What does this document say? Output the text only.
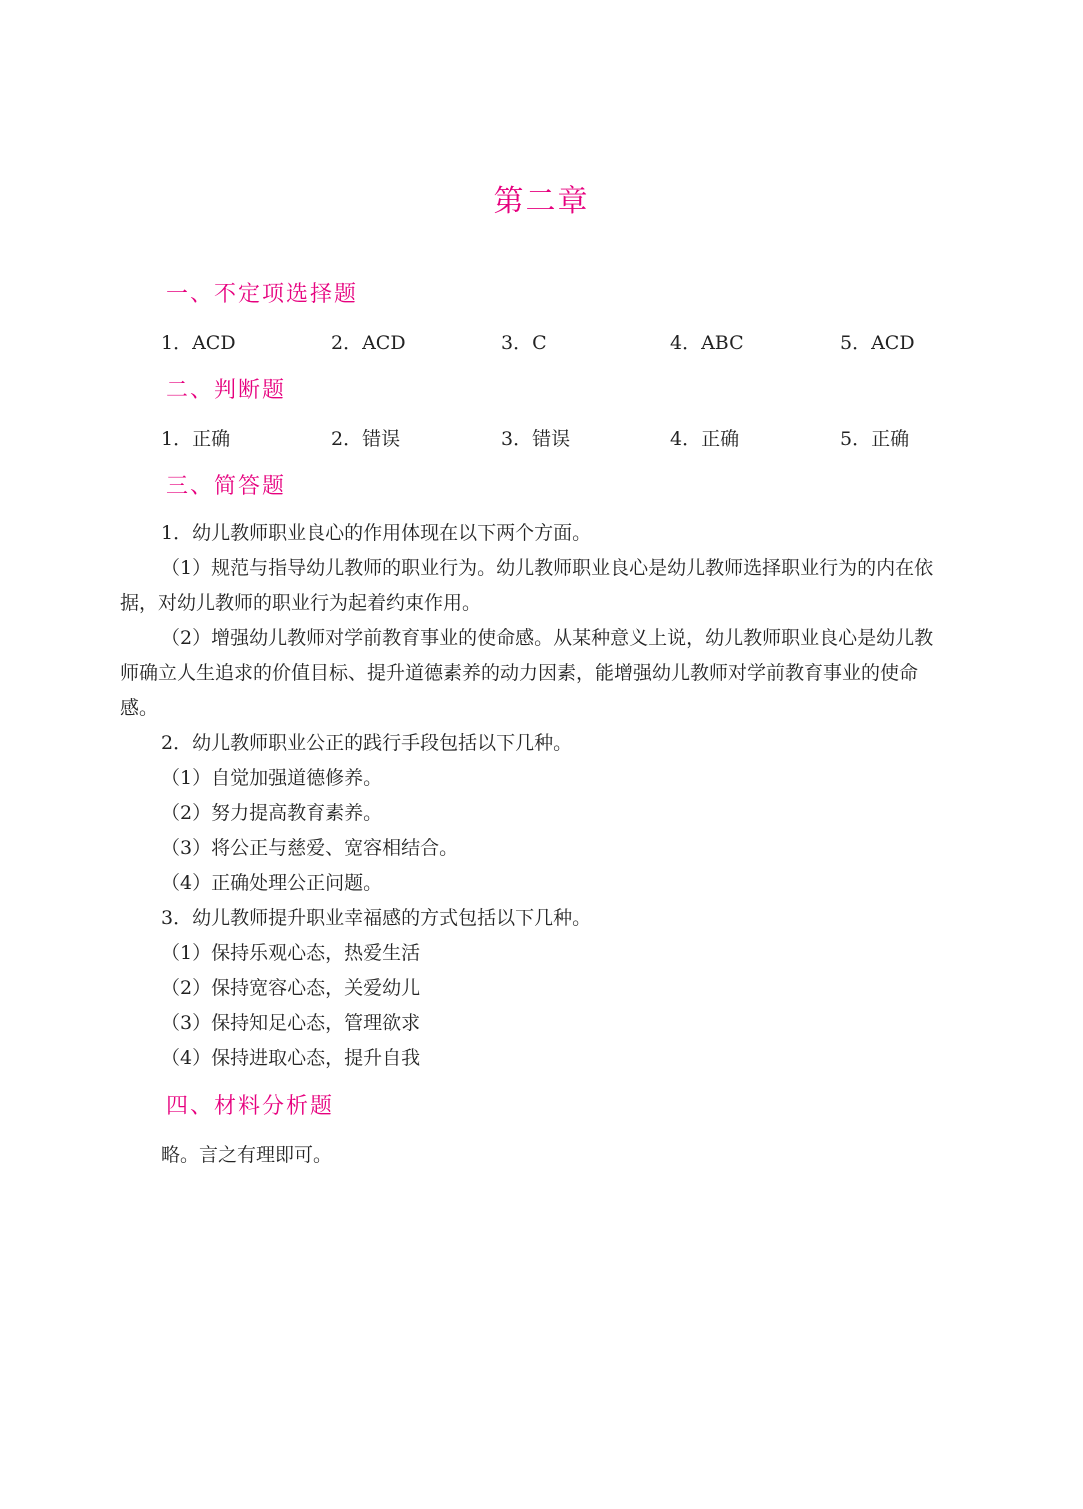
第二章
一、不定项选择题
1．ACD	2．ACD	3．C	4．ABC	5．ACD
二、判断题
1．正确	2．错误	3．错误	4．正确	5．正确
三、简答题

1．幼儿教师职业良心的作用体现在以下两个方面。

（1）规范与指导幼儿教师的职业行为。幼儿教师职业良心是幼儿教师选择职业行为的内在依据，对幼儿教师的职业行为起着约束作用。

（2）增强幼儿教师对学前教育事业的使命感。从某种意义上说，幼儿教师职业良心是幼儿教师确立人生追求的价值目标、提升道德素养的动力因素，能增强幼儿教师对学前教育事业的使命感。

2．幼儿教师职业公正的践行手段包括以下几种。

（1）自觉加强道德修养。

（2）努力提高教育素养。

（3）将公正与慈爱、宽容相结合。

（4）正确处理公正问题。

3．幼儿教师提升职业幸福感的方式包括以下几种。

（1）保持乐观心态，热爱生活

（2）保持宽容心态，关爱幼儿

（3）保持知足心态，管理欲求

（4）保持进取心态，提升自我

四、材料分析题
略。言之有理即可。
